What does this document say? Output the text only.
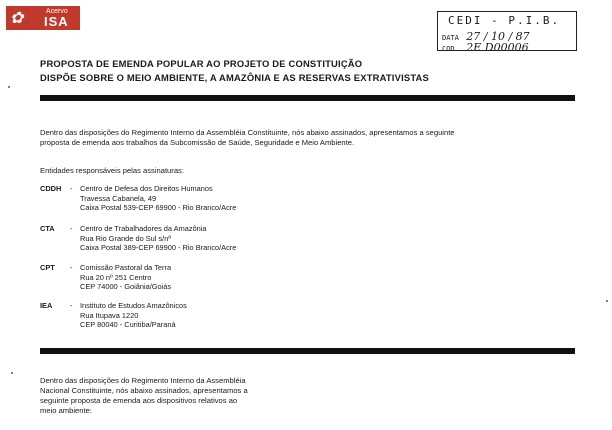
✿	Acervo
ISA	CEDI - P.I.B.
DATA 27 / 10 / 87
COD. 2E D00006
PROPOSTA DE EMENDA POPULAR AO PROJETO DE CONSTITUIÇÃO
DISPÕE SOBRE O MEIO AMBIENTE, A AMAZÔNIA E AS RESERVAS EXTRATIVISTAS
Dentro das disposições do Regimento Interno da Assembléia Constituinte, nós abaixo assinados, apresentamos a seguinte
proposta de emenda aos trabalhos da Subcomissão de Saúde, Seguridade e Meio Ambiente.
Entidades responsáveis pelas assinaturas:
CDDH - Centro de Defesa dos Direitos Humanos
Travessa Cabanela, 49
Caixa Postal 539-CEP 69900 - Rio Branco/Acre
CTA - Centro de Trabalhadores da Amazônia
Rua Rio Grande do Sul s/nº
Caixa Postal 389-CEP 69900 - Rio Branco/Acre
CPT - Comissão Pastoral da Terra
Rua 20 nº 251 Centro
CEP 74000 - Goiânia/Goiás
IEA - Instituto de Estudos Amazônicos
Rua Itupava 1220
CEP 80040 - Curitiba/Paraná
Dentro das disposições do Regimento Interno da Assembléia
Nacional Constituinte, nós abaixo assinados, apresentamos a
seguinte proposta de emenda aos dispositivos relativos ao
meio ambiente:
